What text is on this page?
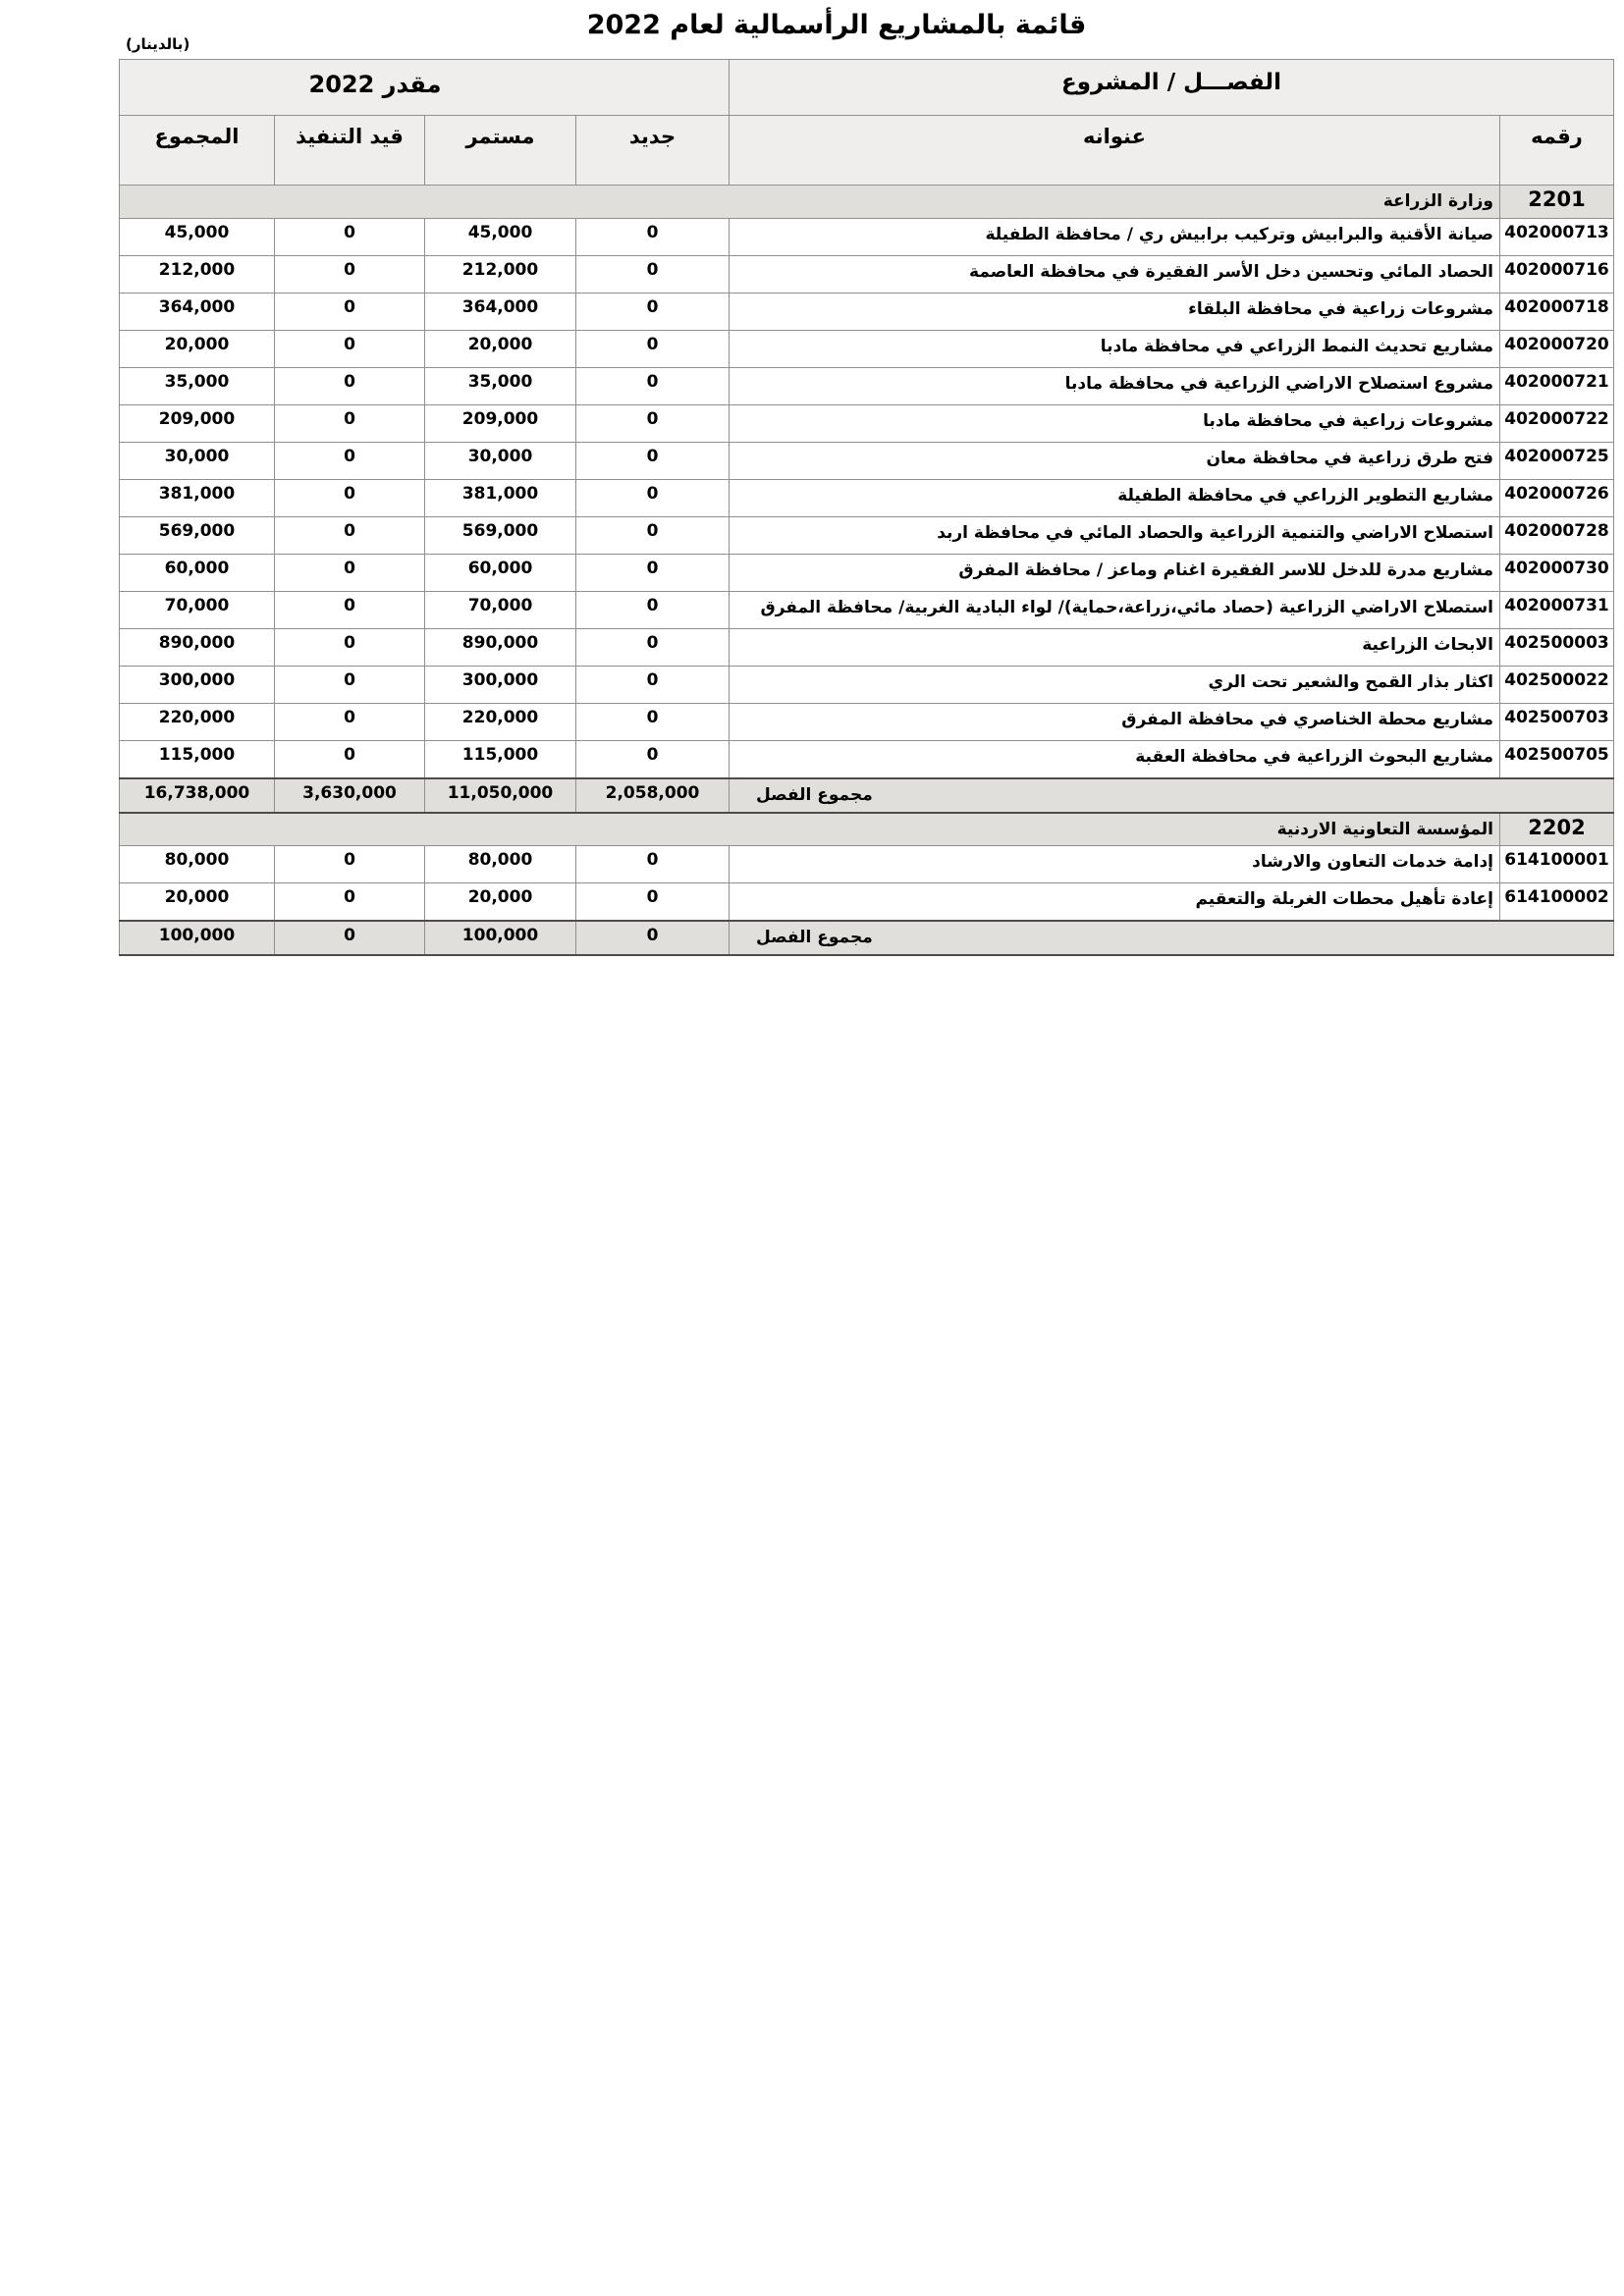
قائمة بالمشاريع الرأسمالية لعام 2022
(بالدينار)
الفصـــل / المشروع		مقدر 2022			
رقمه	عنوانه	جديد	مستمر	قيد التنفيذ	المجموع
2201	وزارة الزراعة				
402000713	صيانة الأقنية والبرابيش وتركيب برابيش ري / محافظة الطفيلة	0	45,000	0	45,000
402000716	الحصاد المائي وتحسين دخل الأسر الفقيرة في محافظة العاصمة	0	212,000	0	212,000
402000718	مشروعات زراعية في محافظة البلقاء	0	364,000	0	364,000
402000720	مشاريع تحديث النمط الزراعي في محافظة مادبا	0	20,000	0	20,000
402000721	مشروع استصلاح الاراضي الزراعية في محافظة مادبا	0	35,000	0	35,000
402000722	مشروعات زراعية في محافظة مادبا	0	209,000	0	209,000
402000725	فتح طرق زراعية في محافظة معان	0	30,000	0	30,000
402000726	مشاريع التطوير الزراعي في محافظة الطفيلة	0	381,000	0	381,000
402000728	استصلاح الاراضي والتنمية الزراعية والحصاد المائي في محافظة اربد	0	569,000	0	569,000
402000730	مشاريع مدرة للدخل للاسر الفقيرة اغنام وماعز / محافظة المفرق	0	60,000	0	60,000
402000731	استصلاح الاراضي الزراعية (حصاد مائي،زراعة،حماية)/ لواء البادية الغربية/ محافظة المفرق	0	70,000	0	70,000
402500003	الابحاث الزراعية	0	890,000	0	890,000
402500022	اكثار بذار القمح والشعير تحت الري	0	300,000	0	300,000
402500703	مشاريع محطة الخناصري في محافظة المفرق	0	220,000	0	220,000
402500705	مشاريع البحوث الزراعية في محافظة العقبة	0	115,000	0	115,000
مجموع الفصل		2,058,000	11,050,000	3,630,000	16,738,000
2202	المؤسسة التعاونية الاردنية				
614100001	إدامة خدمات التعاون والارشاد	0	80,000	0	80,000
614100002	إعادة تأهيل محطات الغربلة والتعقيم	0	20,000	0	20,000
مجموع الفصل		0	100,000	0	100,000
